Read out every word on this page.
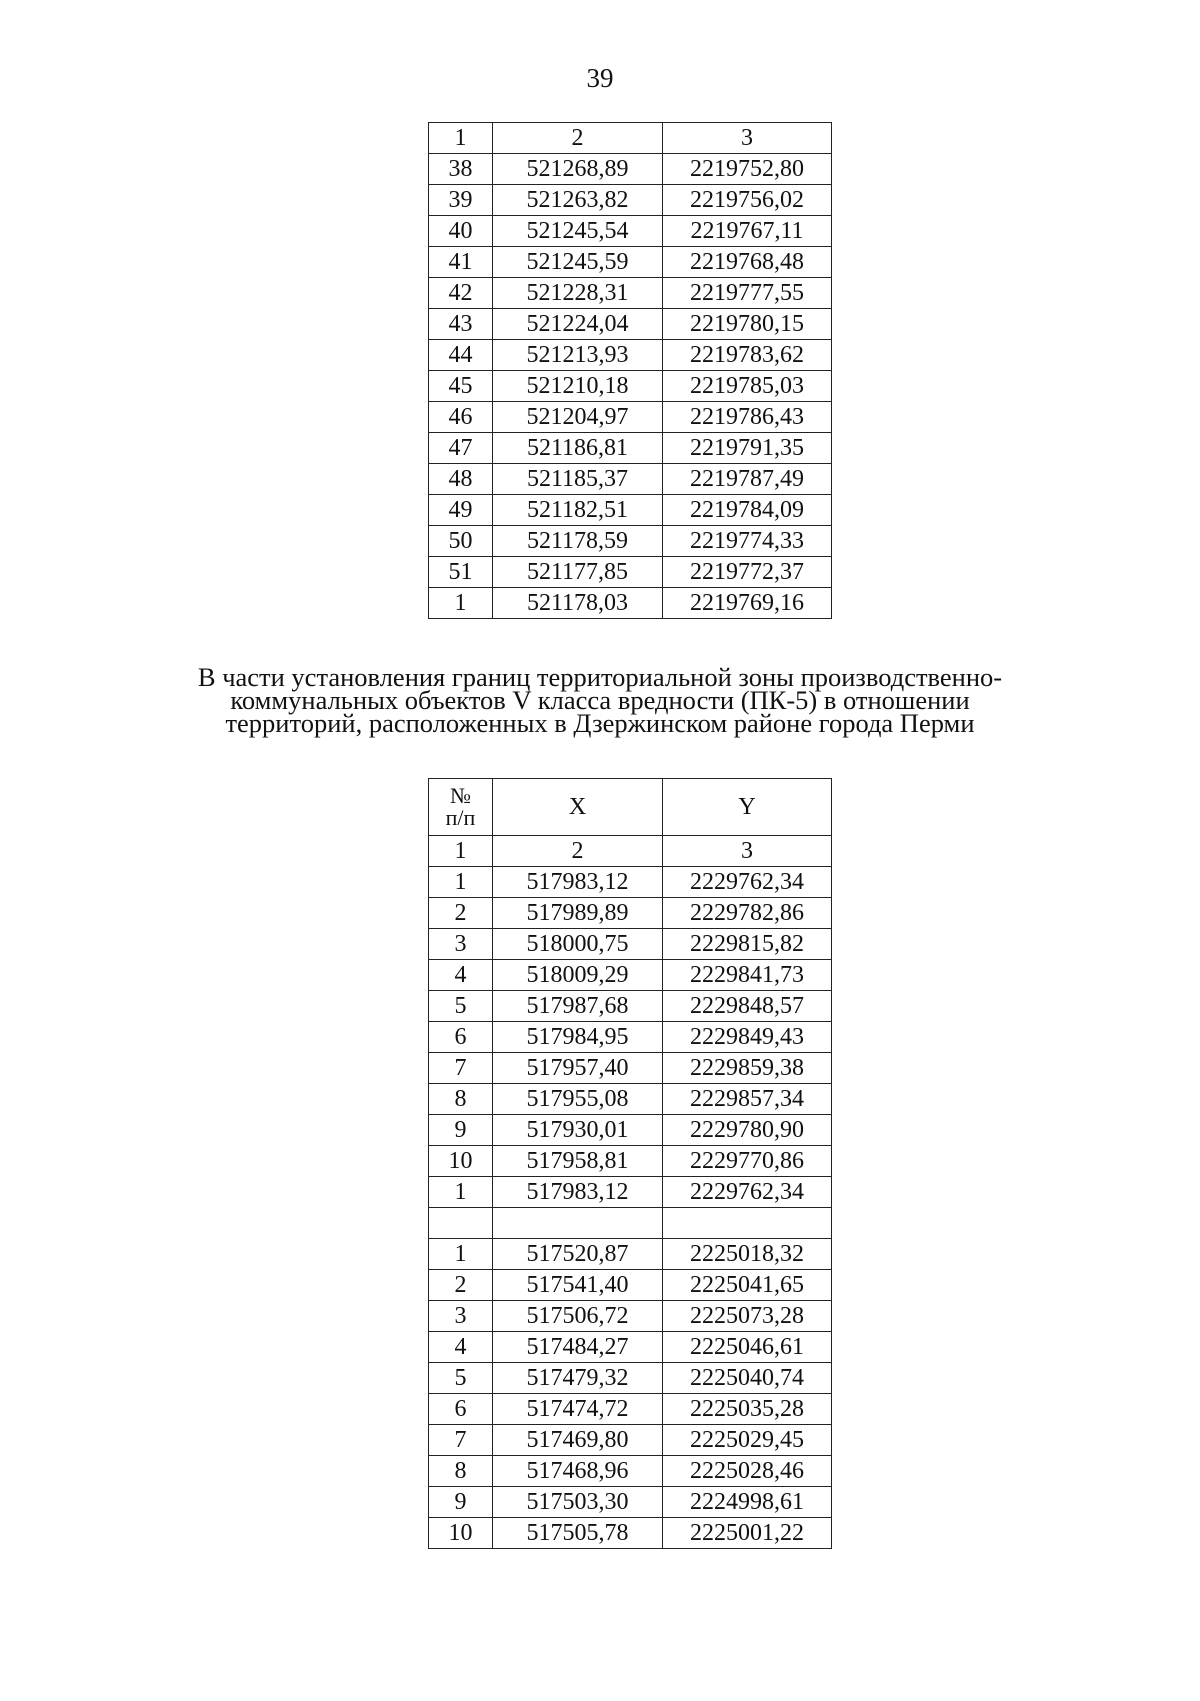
39
1	2	3
38	521268,89	2219752,80
39	521263,82	2219756,02
40	521245,54	2219767,11
41	521245,59	2219768,48
42	521228,31	2219777,55
43	521224,04	2219780,15
44	521213,93	2219783,62
45	521210,18	2219785,03
46	521204,97	2219786,43
47	521186,81	2219791,35
48	521185,37	2219787,49
49	521182,51	2219784,09
50	521178,59	2219774,33
51	521177,85	2219772,37
1	521178,03	2219769,16
В части установления границ территориальной зоны производственно-
коммунальных объектов V класса вредности (ПК-5) в отношении
территорий, расположенных в Дзержинском районе города Перми
№
п/п	X	Y
1	2	3
1	517983,12	2229762,34
2	517989,89	2229782,86
3	518000,75	2229815,82
4	518009,29	2229841,73
5	517987,68	2229848,57
6	517984,95	2229849,43
7	517957,40	2229859,38
8	517955,08	2229857,34
9	517930,01	2229780,90
10	517958,81	2229770,86
1	517983,12	2229762,34

1	517520,87	2225018,32
2	517541,40	2225041,65
3	517506,72	2225073,28
4	517484,27	2225046,61
5	517479,32	2225040,74
6	517474,72	2225035,28
7	517469,80	2225029,45
8	517468,96	2225028,46
9	517503,30	2224998,61
10	517505,78	2225001,22
